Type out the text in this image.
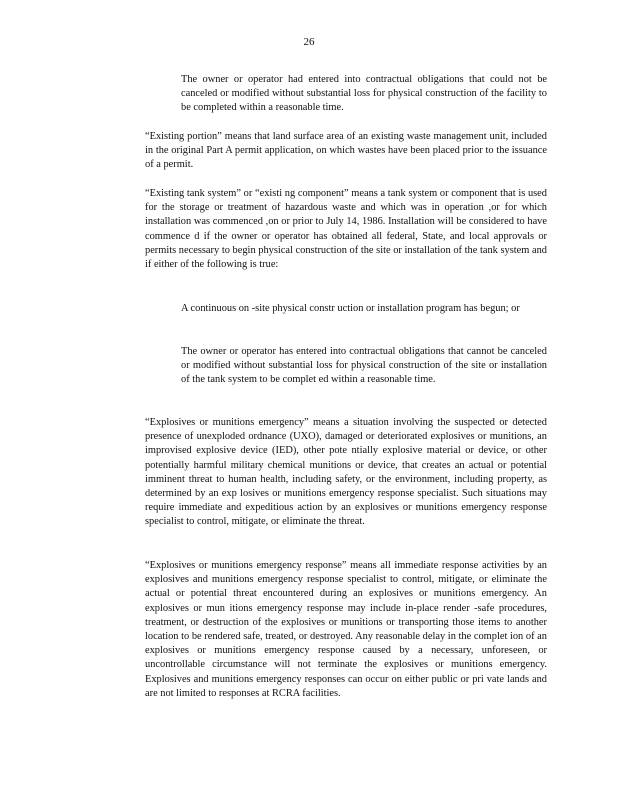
26

The owner or operator had entered into contractual obligations that could not be canceled or modified without substantial loss for physical construction of the facility to be completed within a reasonable time.

“Existing portion” means that land surface area of an existing waste management unit, included in the original Part A permit application, on which wastes have been placed prior to the issuance of a permit.

“Existing tank system” or “existi ng component” means a tank system or component that is used for the storage or treatment of hazardous waste and which was in operation ,or for which installation was commenced ,on or prior to July 14, 1986. Installation will be considered to have commence d if the owner or operator has obtained all federal, State, and local approvals or permits necessary to begin physical construction of the site or installation of the tank system and if either of the following is true:

A continuous on -site physical constr uction or installation program has begun; or

The owner or operator has entered into contractual obligations that cannot be canceled or modified without substantial loss for physical construction of the site or installation of the tank system to be complet ed within a reasonable time.

“Explosives or munitions emergency” means a situation involving the suspected or detected presence of unexploded ordnance (UXO), damaged or deteriorated explosives or munitions, an improvised explosive device (IED), other pote ntially explosive material or device, or other potentially harmful military chemical munitions or device, that creates an actual or potential imminent threat to human health, including safety, or the environment, including property, as determined by an exp losives or munitions emergency response specialist. Such situations may require immediate and expeditious action by an explosives or munitions emergency response specialist to control, mitigate, or eliminate the threat.

“Explosives or munitions emergency response” means all immediate response activities by an explosives and munitions emergency response specialist to control, mitigate, or eliminate the actual or potential threat encountered during an explosives or munitions emergency. An explosives or mun itions emergency response may include in-place render -safe procedures, treatment, or destruction of the explosives or munitions or transporting those items to another location to be rendered safe, treated, or destroyed. Any reasonable delay in the complet ion of an explosives or munitions emergency response caused by a necessary, unforeseen, or uncontrollable circumstance will not terminate the explosives or munitions emergency. Explosives and munitions emergency responses can occur on either public or pri vate lands and are not limited to responses at RCRA facilities.
